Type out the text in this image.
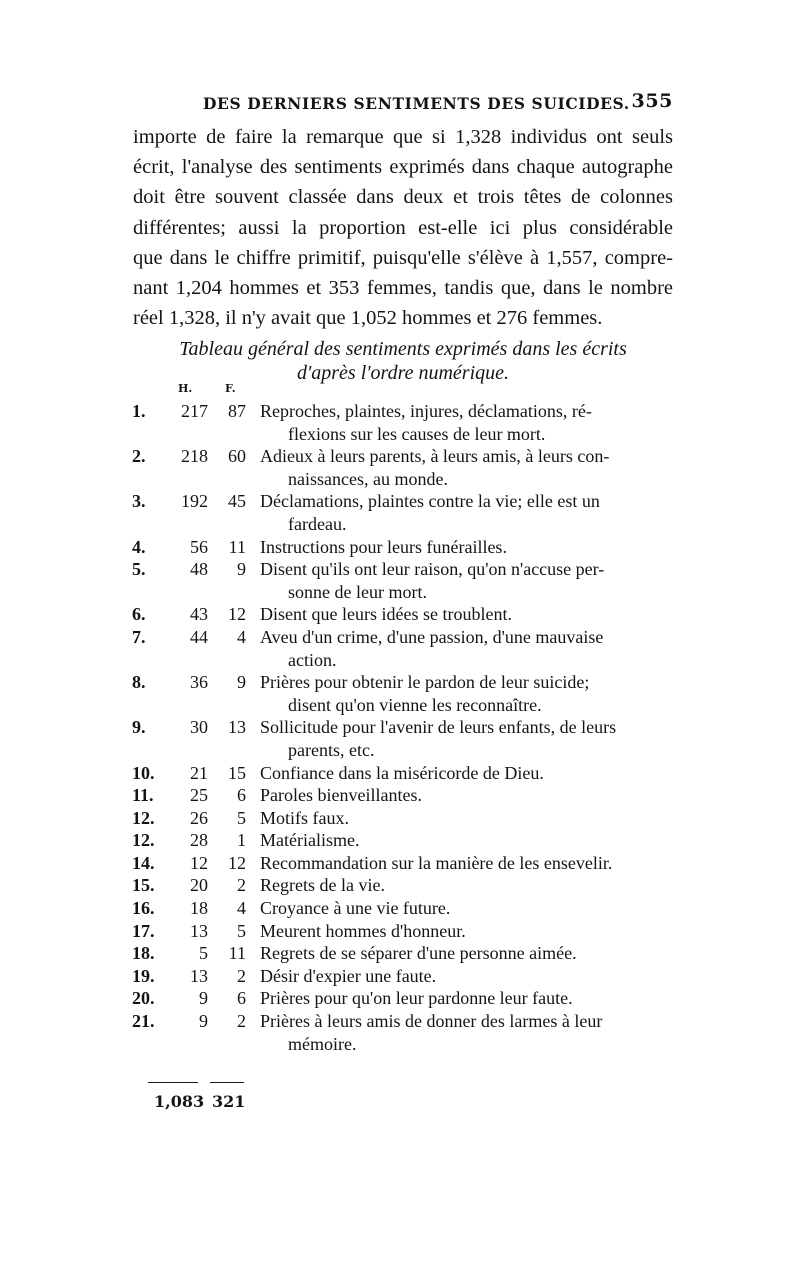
DES DERNIERS SENTIMENTS DES SUICIDES. 355
importe de faire la remarque que si 1,328 individus ont seuls
écrit, l'analyse des sentiments exprimés dans chaque autographe
doit être souvent classée dans deux et trois têtes de colonnes
différentes; aussi la proportion est-elle ici plus considérable
que dans le chiffre primitif, puisqu'elle s'élève à 1,557, compre-
nant 1,204 hommes et 353 femmes, tandis que, dans le nombre
réel 1,328, il n'y avait que 1,052 hommes et 276 femmes.
Tableau général des sentiments exprimés dans les écrits
d'après l'ordre numérique.
H.	F.
1.	217	87 Reproches, plaintes, injures, déclamations, ré-
flexions sur les causes de leur mort.
2.	218	60 Adieux à leurs parents, à leurs amis, à leurs con-
naissances, au monde.
3.	192	45 Déclamations, plaintes contre la vie; elle est un
fardeau.
4.	56	11 Instructions pour leurs funérailles.
5.	48	9 Disent qu'ils ont leur raison, qu'on n'accuse per-
sonne de leur mort.
6.	43	12 Disent que leurs idées se troublent.
7.	44	4 Aveu d'un crime, d'une passion, d'une mauvaise
action.
8.	36	9 Prières pour obtenir le pardon de leur suicide;
disent qu'on vienne les reconnaître.
9.	30	13 Sollicitude pour l'avenir de leurs enfants, de leurs
parents, etc.
10.	21	15 Confiance dans la miséricorde de Dieu.
11.	25	6 Paroles bienveillantes.
12.	26	5 Motifs faux.
12.	28	1 Matérialisme.
14.	12	12 Recommandation sur la manière de les ensevelir.
15.	20	2 Regrets de la vie.
16.	18	4 Croyance à une vie future.
17.	13	5 Meurent hommes d'honneur.
18.	5	11 Regrets de se séparer d'une personne aimée.
19.	13	2 Désir d'expier une faute.
20.	9	6 Prières pour qu'on leur pardonne leur faute.
21.	9	2 Prières à leurs amis de donner des larmes à leur
mémoire.
1,083 321
